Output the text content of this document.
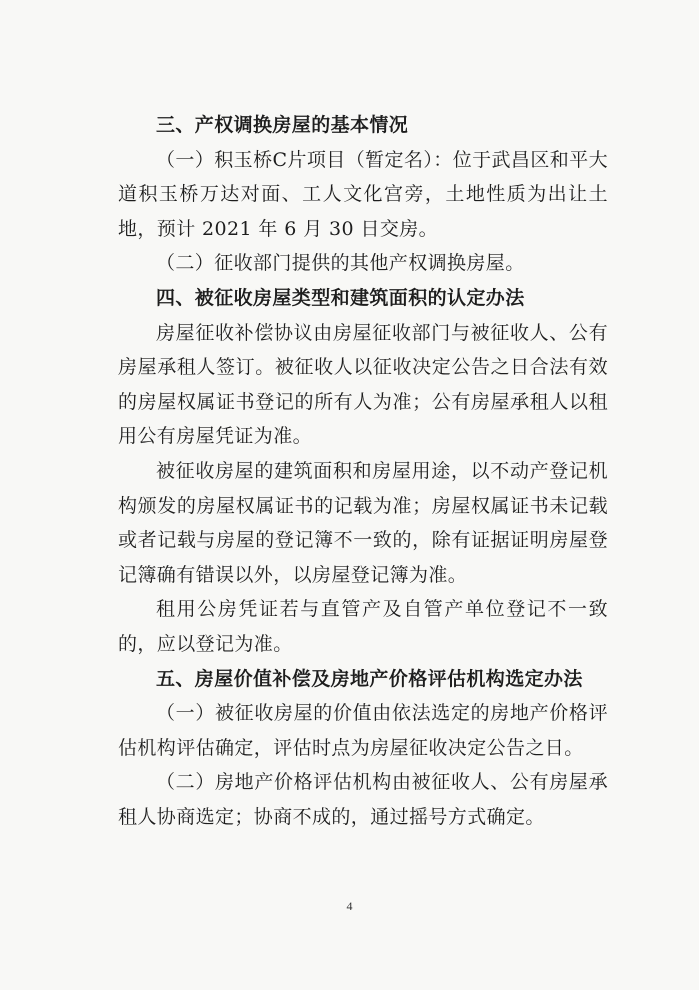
三、产权调换房屋的基本情况

（一）积玉桥C片项目（暂定名）：位于武昌区和平大道积玉桥万达对面、工人文化宫旁，土地性质为出让土地，预计 2021 年 6 月 30 日交房。

（二）征收部门提供的其他产权调换房屋。

四、被征收房屋类型和建筑面积的认定办法

房屋征收补偿协议由房屋征收部门与被征收人、公有房屋承租人签订。被征收人以征收决定公告之日合法有效的房屋权属证书登记的所有人为准；公有房屋承租人以租用公有房屋凭证为准。

被征收房屋的建筑面积和房屋用途，以不动产登记机构颁发的房屋权属证书的记载为准；房屋权属证书未记载或者记载与房屋的登记簿不一致的，除有证据证明房屋登记簿确有错误以外，以房屋登记簿为准。

租用公房凭证若与直管产及自管产单位登记不一致的，应以登记为准。

五、房屋价值补偿及房地产价格评估机构选定办法

（一）被征收房屋的价值由依法选定的房地产价格评估机构评估确定，评估时点为房屋征收决定公告之日。

（二）房地产价格评估机构由被征收人、公有房屋承租人协商选定；协商不成的，通过摇号方式确定。

4
